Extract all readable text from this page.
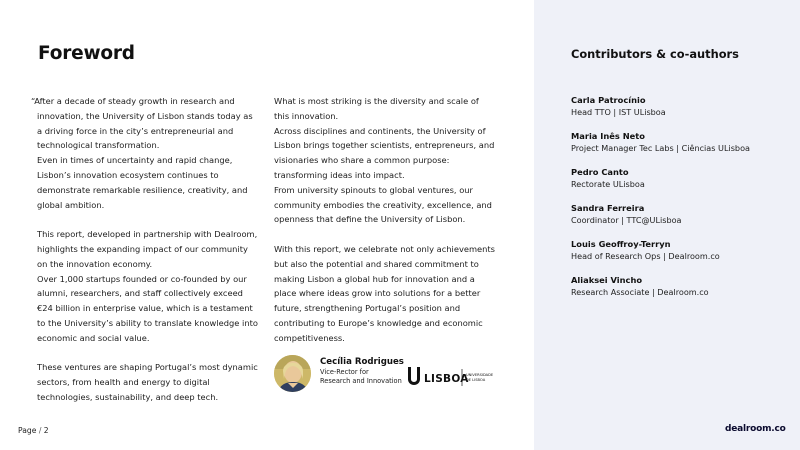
Foreword

“After a decade of steady growth in research and innovation, the University of Lisbon stands today as a driving force in the city’s entrepreneurial and technological transformation.

Even in times of uncertainty and rapid change, Lisbon’s innovation ecosystem continues to demonstrate remarkable resilience, creativity, and global ambition.

This report, developed in partnership with Dealroom, highlights the expanding impact of our community on the innovation economy.

Over 1,000 startups founded or co-founded by our alumni, researchers, and staff collectively exceed €24 billion in enterprise value, which is a testament to the University’s ability to translate knowledge into economic and social value.

These ventures are shaping Portugal’s most dynamic sectors, from health and energy to digital technologies, sustainability, and deep tech.

What is most striking is the diversity and scale of this innovation.

Across disciplines and continents, the University of Lisbon brings together scientists, entrepreneurs, and visionaries who share a common purpose: transforming ideas into impact.

From university spinouts to global ventures, our community embodies the creativity, excellence, and openness that define the University of Lisbon.

With this report, we celebrate not only achievements but also the potential and shared commitment to making Lisbon a global hub for innovation and a place where ideas grow into solutions for a better future, strengthening Portugal’s position and contributing to Europe’s knowledge and economic competitiveness.

Cecília Rodrigues
Vice-Rector for
Research and Innovation LISBOA
UNIVERSIDADE
DE LISBOA
Contributors & co-authors
Carla Patrocínio
Head TTO | IST ULisboa
Maria Inês Neto
Project Manager Tec Labs | Ciências ULisboa
Pedro Canto
Rectorate ULisboa
Sandra Ferreira
Coordinator | TTC@ULisboa
Louis Geoffroy-Terryn
Head of Research Ops | Dealroom.co
Aliaksei Vincho
Research Associate | Dealroom.co
Page / 2	dealroom.co
